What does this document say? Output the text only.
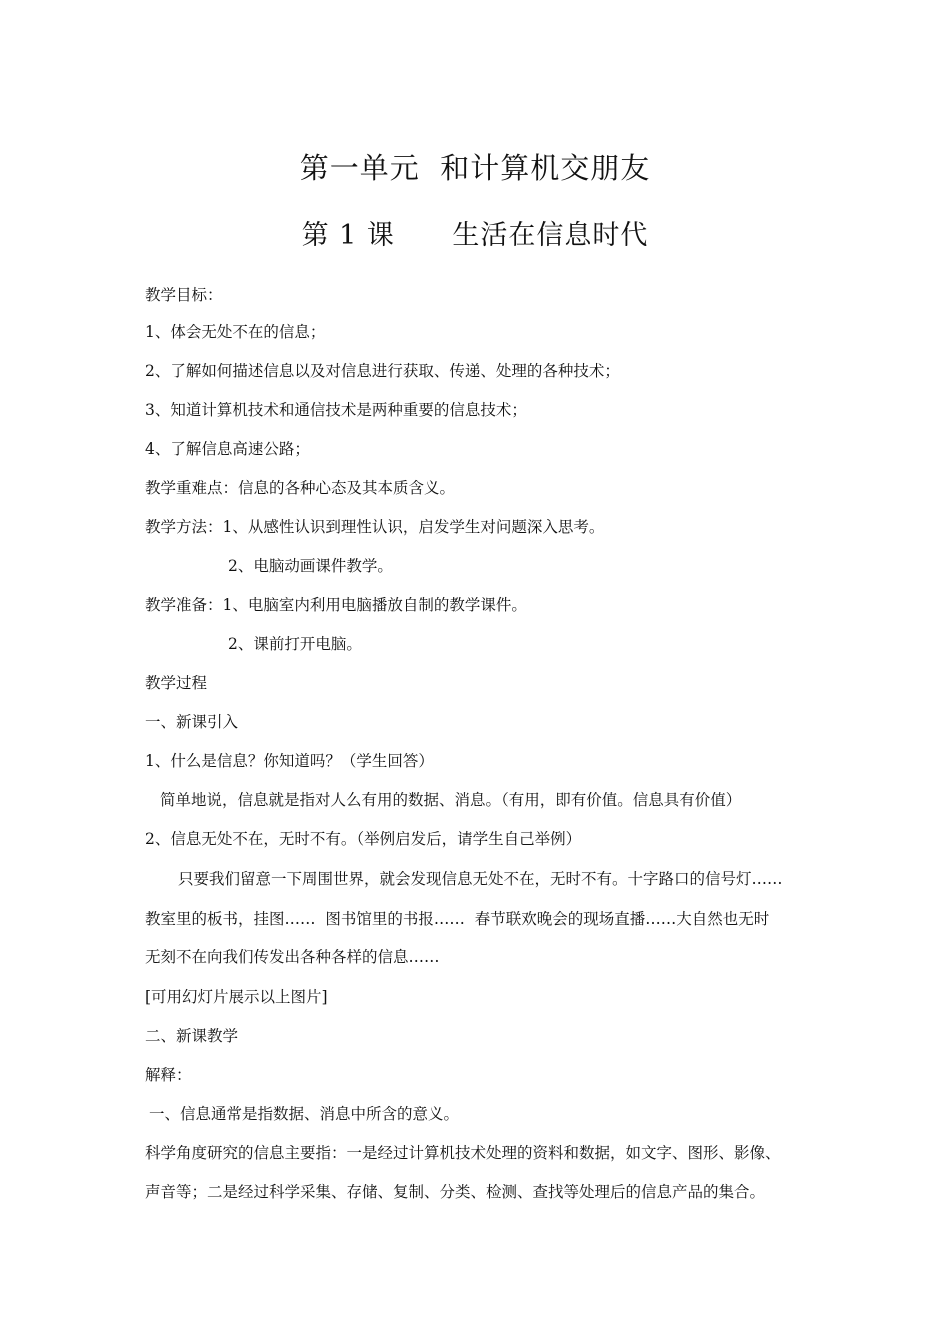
第一单元  和计算机交朋友
第 1 课      生活在信息时代
教学目标：
1、体会无处不在的信息；
2、了解如何描述信息以及对信息进行获取、传递、处理的各种技术；
3、知道计算机技术和通信技术是两种重要的信息技术；
4、了解信息高速公路；
教学重难点：信息的各种心态及其本质含义。
教学方法：1、从感性认识到理性认识，启发学生对问题深入思考。
2、电脑动画课件教学。
教学准备：1、电脑室内利用电脑播放自制的教学课件。
2、课前打开电脑。
教学过程
一、新课引入
1、什么是信息？你知道吗？（学生回答）
简单地说，信息就是指对人么有用的数据、消息。（有用，即有价值。信息具有价值）
2、信息无处不在，无时不有。（举例启发后，请学生自己举例）
只要我们留意一下周围世界，就会发现信息无处不在，无时不有。十字路口的信号灯……
教室里的板书，挂图……  图书馆里的书报……  春节联欢晚会的现场直播……大自然也无时
无刻不在向我们传发出各种各样的信息……
[可用幻灯片展示以上图片]
二、新课教学
解释：
一、信息通常是指数据、消息中所含的意义。
科学角度研究的信息主要指：一是经过计算机技术处理的资料和数据，如文字、图形、影像、
声音等；二是经过科学采集、存储、复制、分类、检测、查找等处理后的信息产品的集合。
